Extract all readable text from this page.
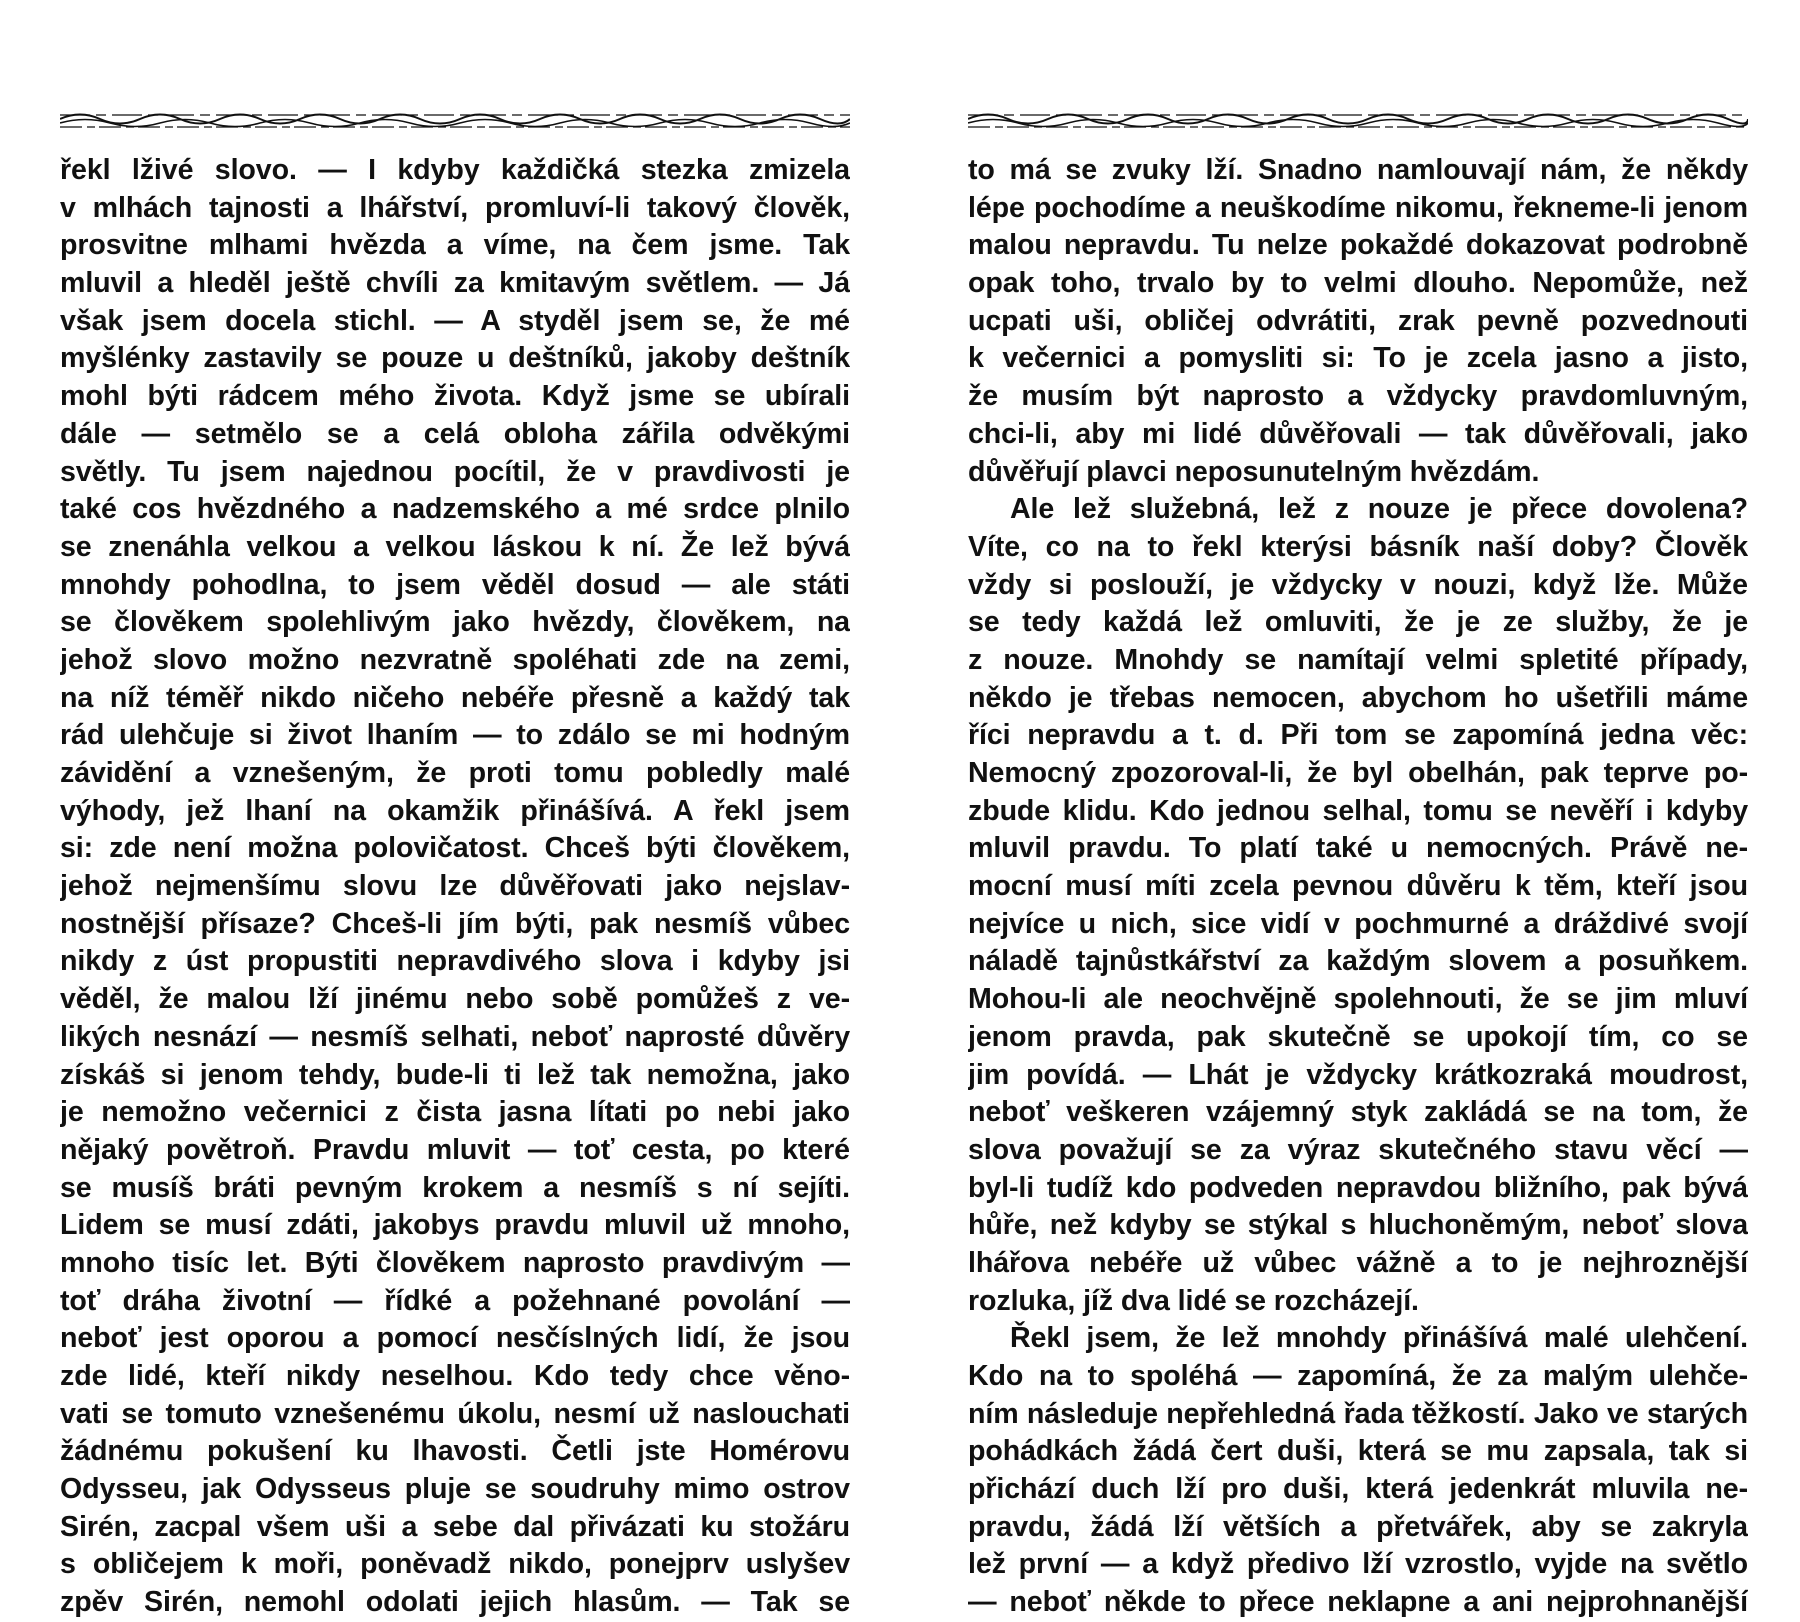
řekl lživé slovo. — I kdyby každičká stezka zmizela
v mlhách tajnosti a lhářství, promluví-li takový člověk,
prosvitne mlhami hvězda a víme, na čem jsme. Tak
mluvil a hleděl ještě chvíli za kmitavým světlem. — Já
však jsem docela stichl. — A styděl jsem se, že mé
myšlénky zastavily se pouze u deštníků, jakoby deštník
mohl býti rádcem mého života. Když jsme se ubírali
dále — setmělo se a celá obloha zářila odvěkými
světly. Tu jsem najednou pocítil, že v pravdivosti je
také cos hvězdného a nadzemského a mé srdce plnilo
se znenáhla velkou a velkou láskou k ní. Že lež bývá
mnohdy pohodlna, to jsem věděl dosud — ale státi
se člověkem spolehlivým jako hvězdy, člověkem, na
jehož slovo možno nezvratně spoléhati zde na zemi,
na níž téměř nikdo ničeho nebéře přesně a každý tak
rád ulehčuje si život lhaním — to zdálo se mi hodným
závidění a vznešeným, že proti tomu pobledly malé
výhody, jež lhaní na okamžik přinášívá. A řekl jsem
si: zde není možna polovičatost. Chceš býti člověkem,
jehož nejmenšímu slovu lze důvěřovati jako nejslav-
nostnější přísaze? Chceš-li jím býti, pak nesmíš vůbec
nikdy z úst propustiti nepravdivého slova i kdyby jsi
věděl, že malou lží jinému nebo sobě pomůžeš z ve-
likých nesnází — nesmíš selhati, neboť naprosté důvěry
získáš si jenom tehdy, bude-li ti lež tak nemožna, jako
je nemožno večernici z čista jasna lítati po nebi jako
nějaký povětroň. Pravdu mluvit — toť cesta, po které
se musíš bráti pevným krokem a nesmíš s ní sejíti.
Lidem se musí zdáti, jakobys pravdu mluvil už mnoho,
mnoho tisíc let. Býti člověkem naprosto pravdivým —
toť dráha životní — řídké a požehnané povolání —
neboť jest oporou a pomocí nesčíslných lidí, že jsou
zde lidé, kteří nikdy neselhou. Kdo tedy chce věno-
vati se tomuto vznešenému úkolu, nesmí už naslouchati
žádnému pokušení ku lhavosti. Četli jste Homérovu
Odysseu, jak Odysseus pluje se soudruhy mimo ostrov
Sirén, zacpal všem uši a sebe dal přivázati ku stožáru
s obličejem k moři, poněvadž nikdo, ponejprv uslyšev
zpěv Sirén, nemohl odolati jejich hlasům. — Tak se
to má se zvuky lží. Snadno namlouvají nám, že někdy
lépe pochodíme a neuškodíme nikomu, řekneme-li jenom
malou nepravdu. Tu nelze pokaždé dokazovat podrobně
opak toho, trvalo by to velmi dlouho. Nepomůže, než
ucpati uši, obličej odvrátiti, zrak pevně pozvednouti
k večernici a pomysliti si: To je zcela jasno a jisto,
že musím být naprosto a vždycky pravdomluvným,
chci-li, aby mi lidé důvěřovali — tak důvěřovali, jako
důvěřují plavci neposunutelným hvězdám.
Ale lež služebná, lež z nouze je přece dovolena?
Víte, co na to řekl kterýsi básník naší doby? Člověk
vždy si poslouží, je vždycky v nouzi, když lže. Může
se tedy každá lež omluviti, že je ze služby, že je
z nouze. Mnohdy se namítají velmi spletité případy,
někdo je třebas nemocen, abychom ho ušetřili máme
říci nepravdu a t. d. Při tom se zapomíná jedna věc:
Nemocný zpozoroval-li, že byl obelhán, pak teprve po-
zbude klidu. Kdo jednou selhal, tomu se nevěří i kdyby
mluvil pravdu. To platí také u nemocných. Právě ne-
mocní musí míti zcela pevnou důvěru k těm, kteří jsou
nejvíce u nich, sice vidí v pochmurné a dráždivé svojí
náladě tajnůstkářství za každým slovem a posuňkem.
Mohou-li ale neochvějně spolehnouti, že se jim mluví
jenom pravda, pak skutečně se upokojí tím, co se
jim povídá. — Lhát je vždycky krátkozraká moudrost,
neboť veškeren vzájemný styk zakládá se na tom, že
slova považují se za výraz skutečného stavu věcí —
byl-li tudíž kdo podveden nepravdou bližního, pak bývá
hůře, než kdyby se stýkal s hluchoněmým, neboť slova
lhářova nebéře už vůbec vážně a to je nejhroznější
rozluka, jíž dva lidé se rozcházejí.
Řekl jsem, že lež mnohdy přinášívá malé ulehčení.
Kdo na to spoléhá — zapomíná, že za malým ulehče-
ním následuje nepřehledná řada těžkostí. Jako ve starých
pohádkách žádá čert duši, která se mu zapsala, tak si
přichází duch lží pro duši, která jedenkrát mluvila ne-
pravdu, žádá lží větších a přetvářek, aby se zakryla
lež první — a když předivo lží vzrostlo, vyjde na světlo
— neboť někde to přece neklapne a ani nejprohnanější
